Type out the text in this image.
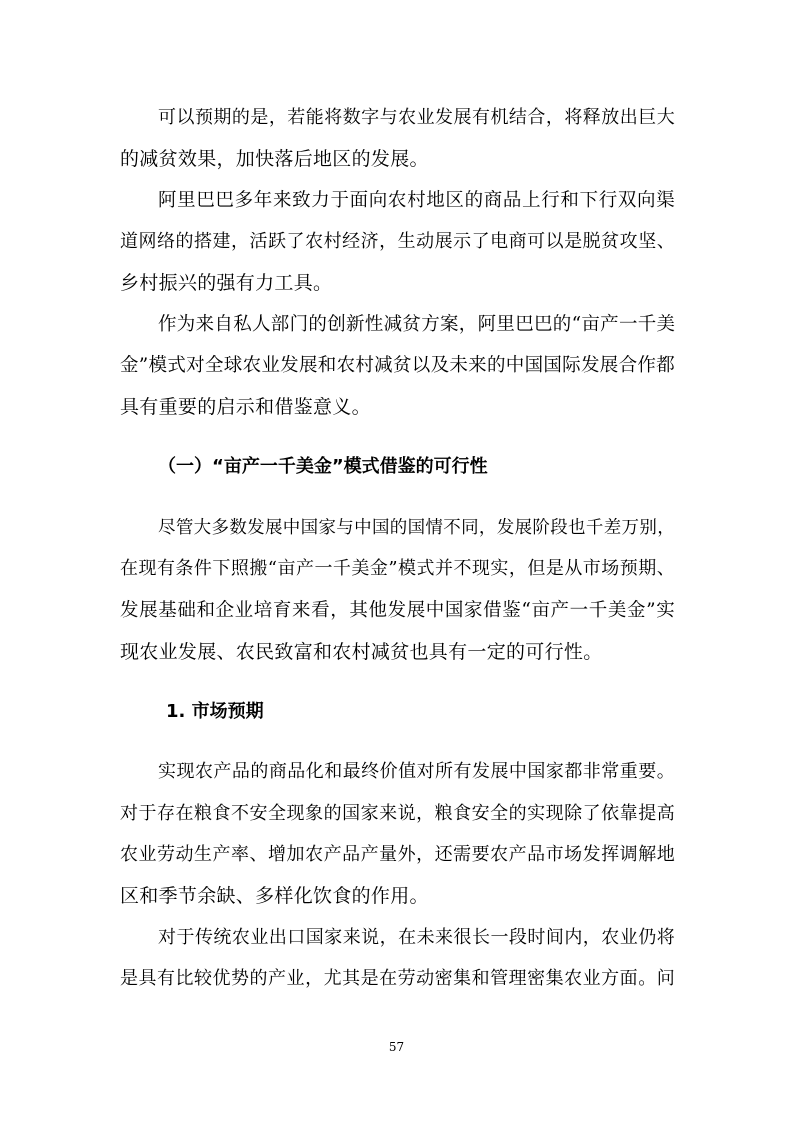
可以预期的是，若能将数字与农业发展有机结合，将释放出巨大
的减贫效果，加快落后地区的发展。
阿里巴巴多年来致力于面向农村地区的商品上行和下行双向渠
道网络的搭建，活跃了农村经济，生动展示了电商可以是脱贫攻坚、
乡村振兴的强有力工具。
作为来自私人部门的创新性减贫方案，阿里巴巴的“亩产一千美
金”模式对全球农业发展和农村减贫以及未来的中国国际发展合作都
具有重要的启示和借鉴意义。
（一）“亩产一千美金”模式借鉴的可行性
尽管大多数发展中国家与中国的国情不同，发展阶段也千差万别，
在现有条件下照搬“亩产一千美金”模式并不现实，但是从市场预期、
发展基础和企业培育来看，其他发展中国家借鉴“亩产一千美金”实
现农业发展、农民致富和农村减贫也具有一定的可行性。
1. 市场预期
实现农产品的商品化和最终价值对所有发展中国家都非常重要。
对于存在粮食不安全现象的国家来说，粮食安全的实现除了依靠提高
农业劳动生产率、增加农产品产量外，还需要农产品市场发挥调解地
区和季节余缺、多样化饮食的作用。
对于传统农业出口国家来说，在未来很长一段时间内，农业仍将
是具有比较优势的产业，尤其是在劳动密集和管理密集农业方面。问
57
